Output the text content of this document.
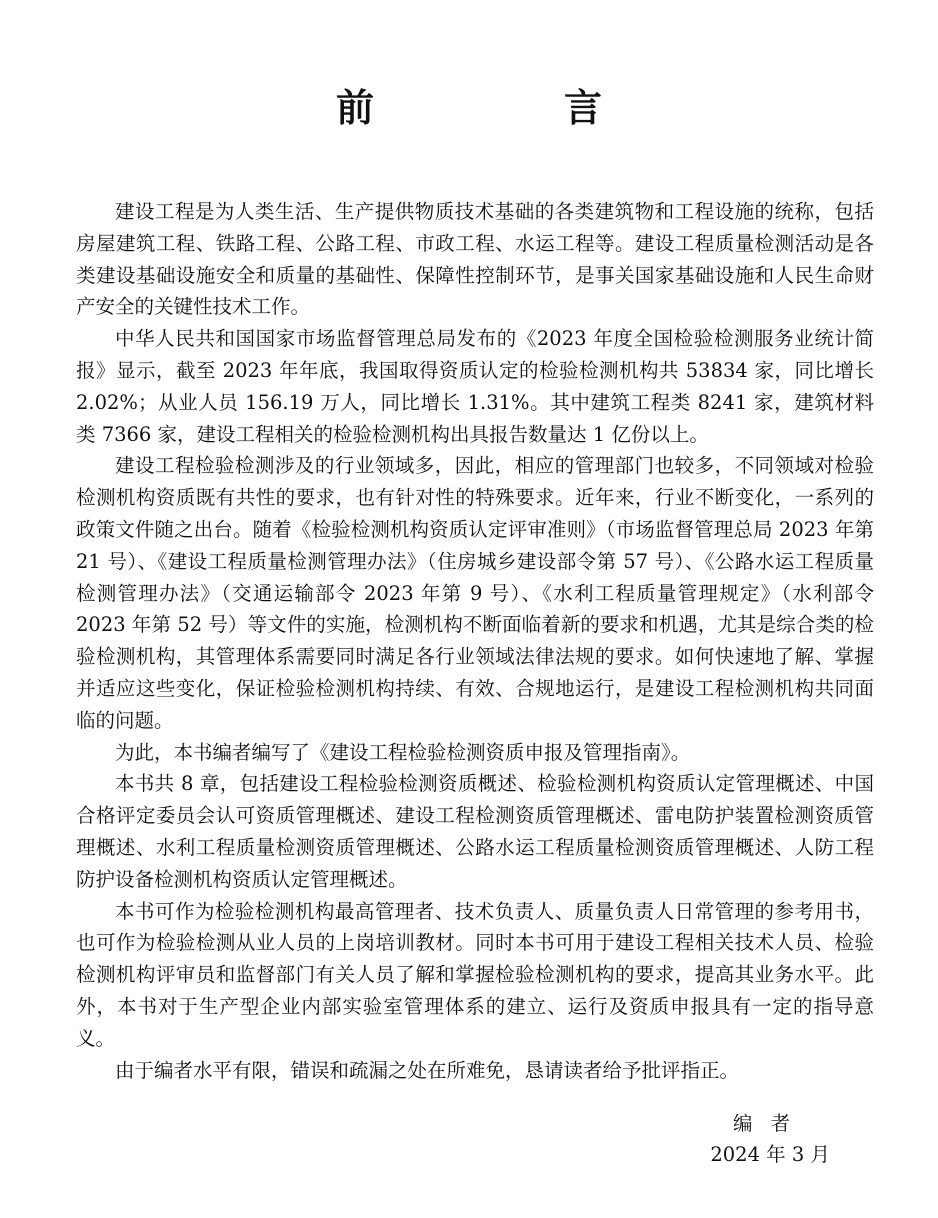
前　言

建设工程是为人类生活、生产提供物质技术基础的各类建筑物和工程设施的统称，包括房屋建筑工程、铁路工程、公路工程、市政工程、水运工程等。建设工程质量检测活动是各类建设基础设施安全和质量的基础性、保障性控制环节，是事关国家基础设施和人民生命财产安全的关键性技术工作。

中华人民共和国国家市场监督管理总局发布的《2023 年度全国检验检测服务业统计简报》显示，截至 2023 年年底，我国取得资质认定的检验检测机构共 53834 家，同比增长 2.02%；从业人员 156.19 万人，同比增长 1.31%。其中建筑工程类 8241 家，建筑材料类 7366 家，建设工程相关的检验检测机构出具报告数量达 1 亿份以上。

建设工程检验检测涉及的行业领域多，因此，相应的管理部门也较多，不同领域对检验检测机构资质既有共性的要求，也有针对性的特殊要求。近年来，行业不断变化，一系列的政策文件随之出台。随着《检验检测机构资质认定评审准则》（市场监督管理总局 2023 年第 21 号）、《建设工程质量检测管理办法》（住房城乡建设部令第 57 号）、《公路水运工程质量检测管理办法》（交通运输部令 2023 年第 9 号）、《水利工程质量管理规定》（水利部令 2023 年第 52 号）等文件的实施，检测机构不断面临着新的要求和机遇，尤其是综合类的检验检测机构，其管理体系需要同时满足各行业领域法律法规的要求。如何快速地了解、掌握并适应这些变化，保证检验检测机构持续、有效、合规地运行，是建设工程检测机构共同面临的问题。

为此，本书编者编写了《建设工程检验检测资质申报及管理指南》。

本书共 8 章，包括建设工程检验检测资质概述、检验检测机构资质认定管理概述、中国合格评定委员会认可资质管理概述、建设工程检测资质管理概述、雷电防护装置检测资质管理概述、水利工程质量检测资质管理概述、公路水运工程质量检测资质管理概述、人防工程防护设备检测机构资质认定管理概述。

本书可作为检验检测机构最高管理者、技术负责人、质量负责人日常管理的参考用书，也可作为检验检测从业人员的上岗培训教材。同时本书可用于建设工程相关技术人员、检验检测机构评审员和监督部门有关人员了解和掌握检验检测机构的要求，提高其业务水平。此外，本书对于生产型企业内部实验室管理体系的建立、运行及资质申报具有一定的指导意义。

由于编者水平有限，错误和疏漏之处在所难免，恳请读者给予批评指正。

编者
2024 年 3 月
